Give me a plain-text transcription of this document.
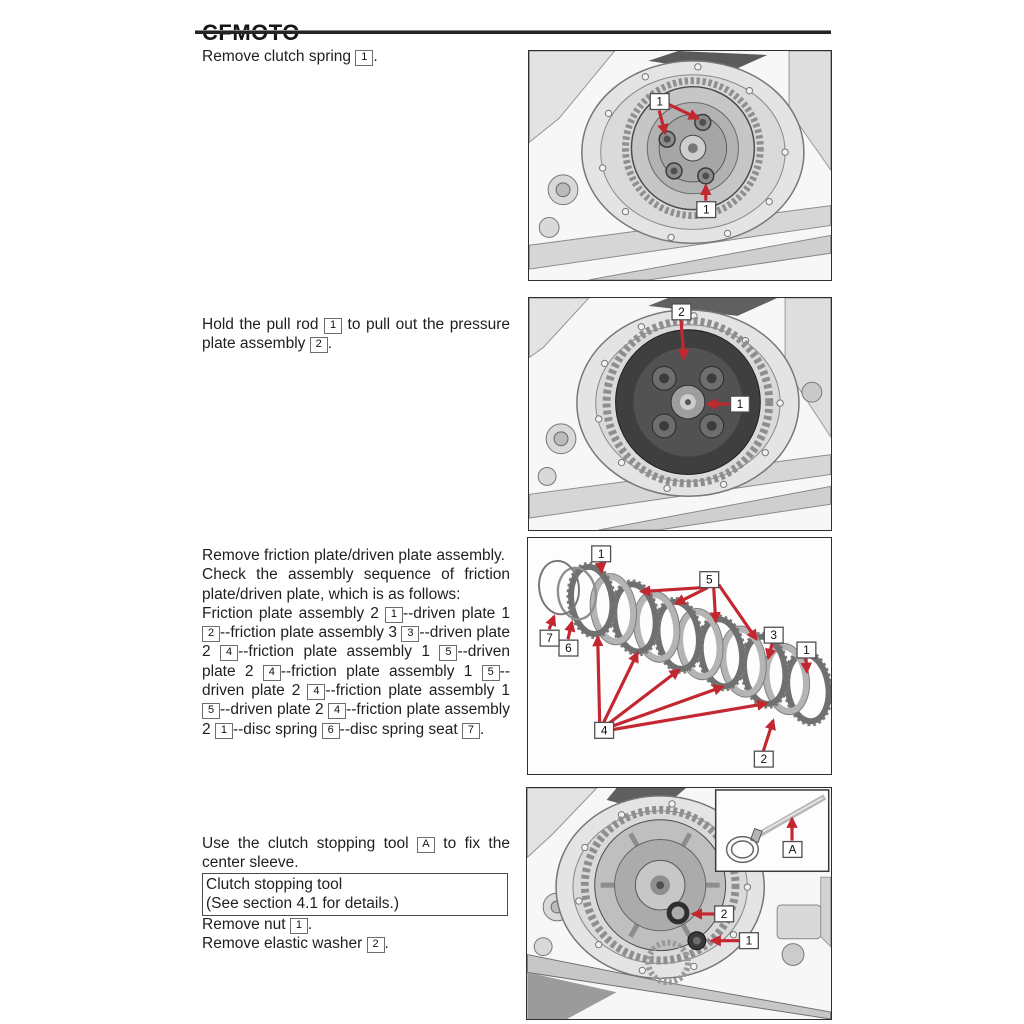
Remove clutch spring 1 .

Hold the pull rod 1 to pull out the pressure plate assembly 2 .

Remove friction plate/driven plate assembly.

Check the assembly sequence of friction plate/driven plate, which is as follows:

Friction plate assembly 2 1 ​--driven plate 1 2 ​--friction plate assembly 3 3 ​--driven plate 2 4 ​--friction plate assembly 1 5 ​--driven plate 2 4 ​--friction plate assembly 1 5 ​--driven plate 2 4 ​--friction plate assembly 1 5 ​--driven plate 2 4 ​--friction plate assembly 2 1 ​--disc spring 6 ​--disc spring seat 7 .

Use the clutch stopping tool A to fix the center sleeve.

Clutch stopping tool
(See section 4.1 for details.)

Remove nut 1 .

Remove elastic washer 2 .

1
1
2
1
1
5
3
1
2
4
6
7
2
1
A
